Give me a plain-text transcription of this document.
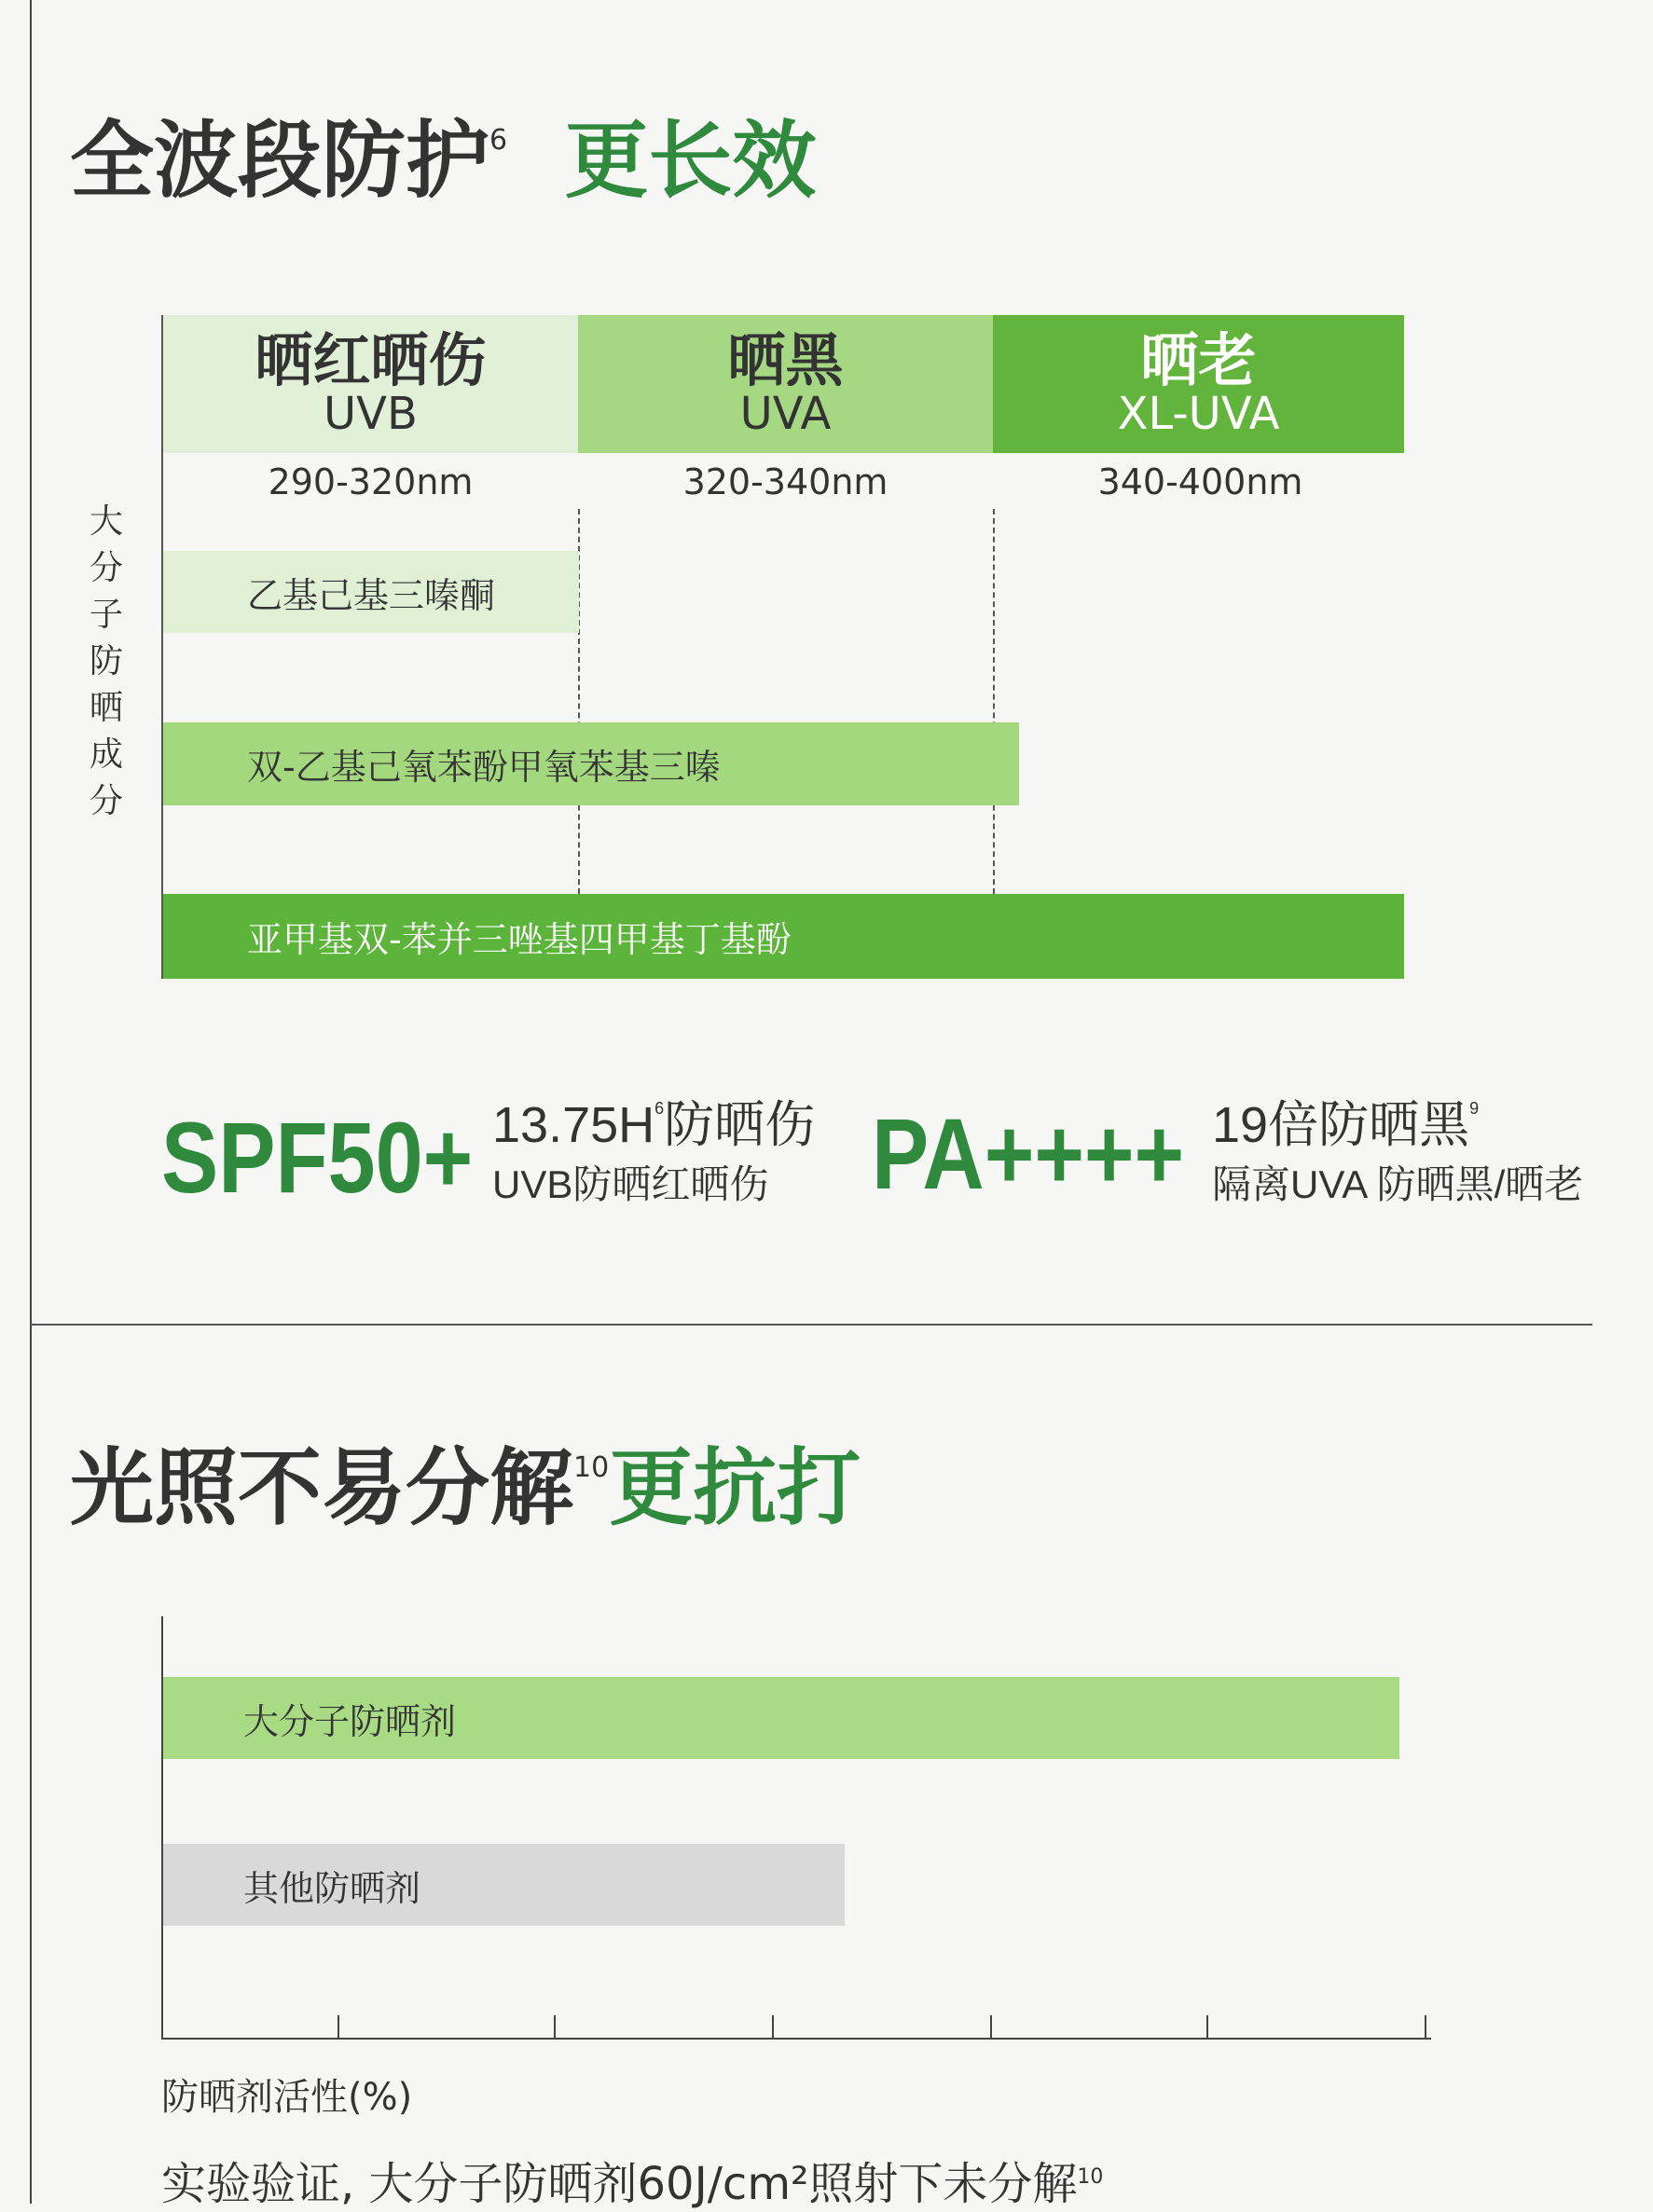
全波段防护$^6$ 更长效
晒红晒伤
UVB
晒黑
UVA
晒老
XL-UVA
290-320nm	320-340nm	340-400nm
大分子防晒成分
乙基己基三嗪酮
双-乙基己氧苯酚甲氧苯基三嗪
亚甲基双-苯并三唑基四甲基丁基酚
$SPF50+ 13.75H^6$防晒伤
UVB防晒红晒伤 PA++++ 19倍防晒黑$^9$
隔离UVA 防晒黑/晒老
光照不易分解$^{10}$更抗打
大分子防晒剂
其他防晒剂
防晒剂活性(%)
实验验证, 大分子防晒剂60J/cm²照射下未分解$^{10}$
